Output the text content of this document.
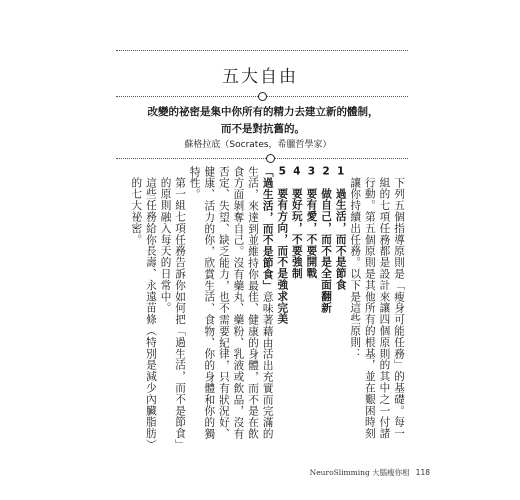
五大自由
改變的祕密是集中你所有的精力去建立新的體制，
而不是對抗舊的。
蘇格拉底（Socrates，希臘哲學家）
下列五個指導原則是「瘦身可能任務」的基礎。每一組的七項任務都是設計來讓四個原則的其中之一付諸行動。第五個原則是其他所有的根基，並在艱困時刻讓你持續出任務。以下是這些原則：
1　過生活，而不是節食
2　做自己，而不是全面翻新
3　要有愛，不要開戰
4　要好玩，不要強制
5　要有方向，而不是強求完美
「過生活，而不是節食」意味著藉由活出充實而完滿的生活，來達到並維持你最佳、健康的身體，而不是在飲食方面剝奪自己。沒有藥丸、藥粉、乳液或飲品，沒有否定、失望、缺乏能力，也不需要紀律，只有狀況好、健康、活力的你，欣賞生活、食物、你的身體和你的獨特性。
第一組七項任務告訴你如何把「過生活，而不是節食」的原則融入每天的日常中。
這些任務給你長壽、永遠苗條（特別是減少內臟脂肪）的七大祕密。
NeuroSlimming 大腦瘦你相 118
